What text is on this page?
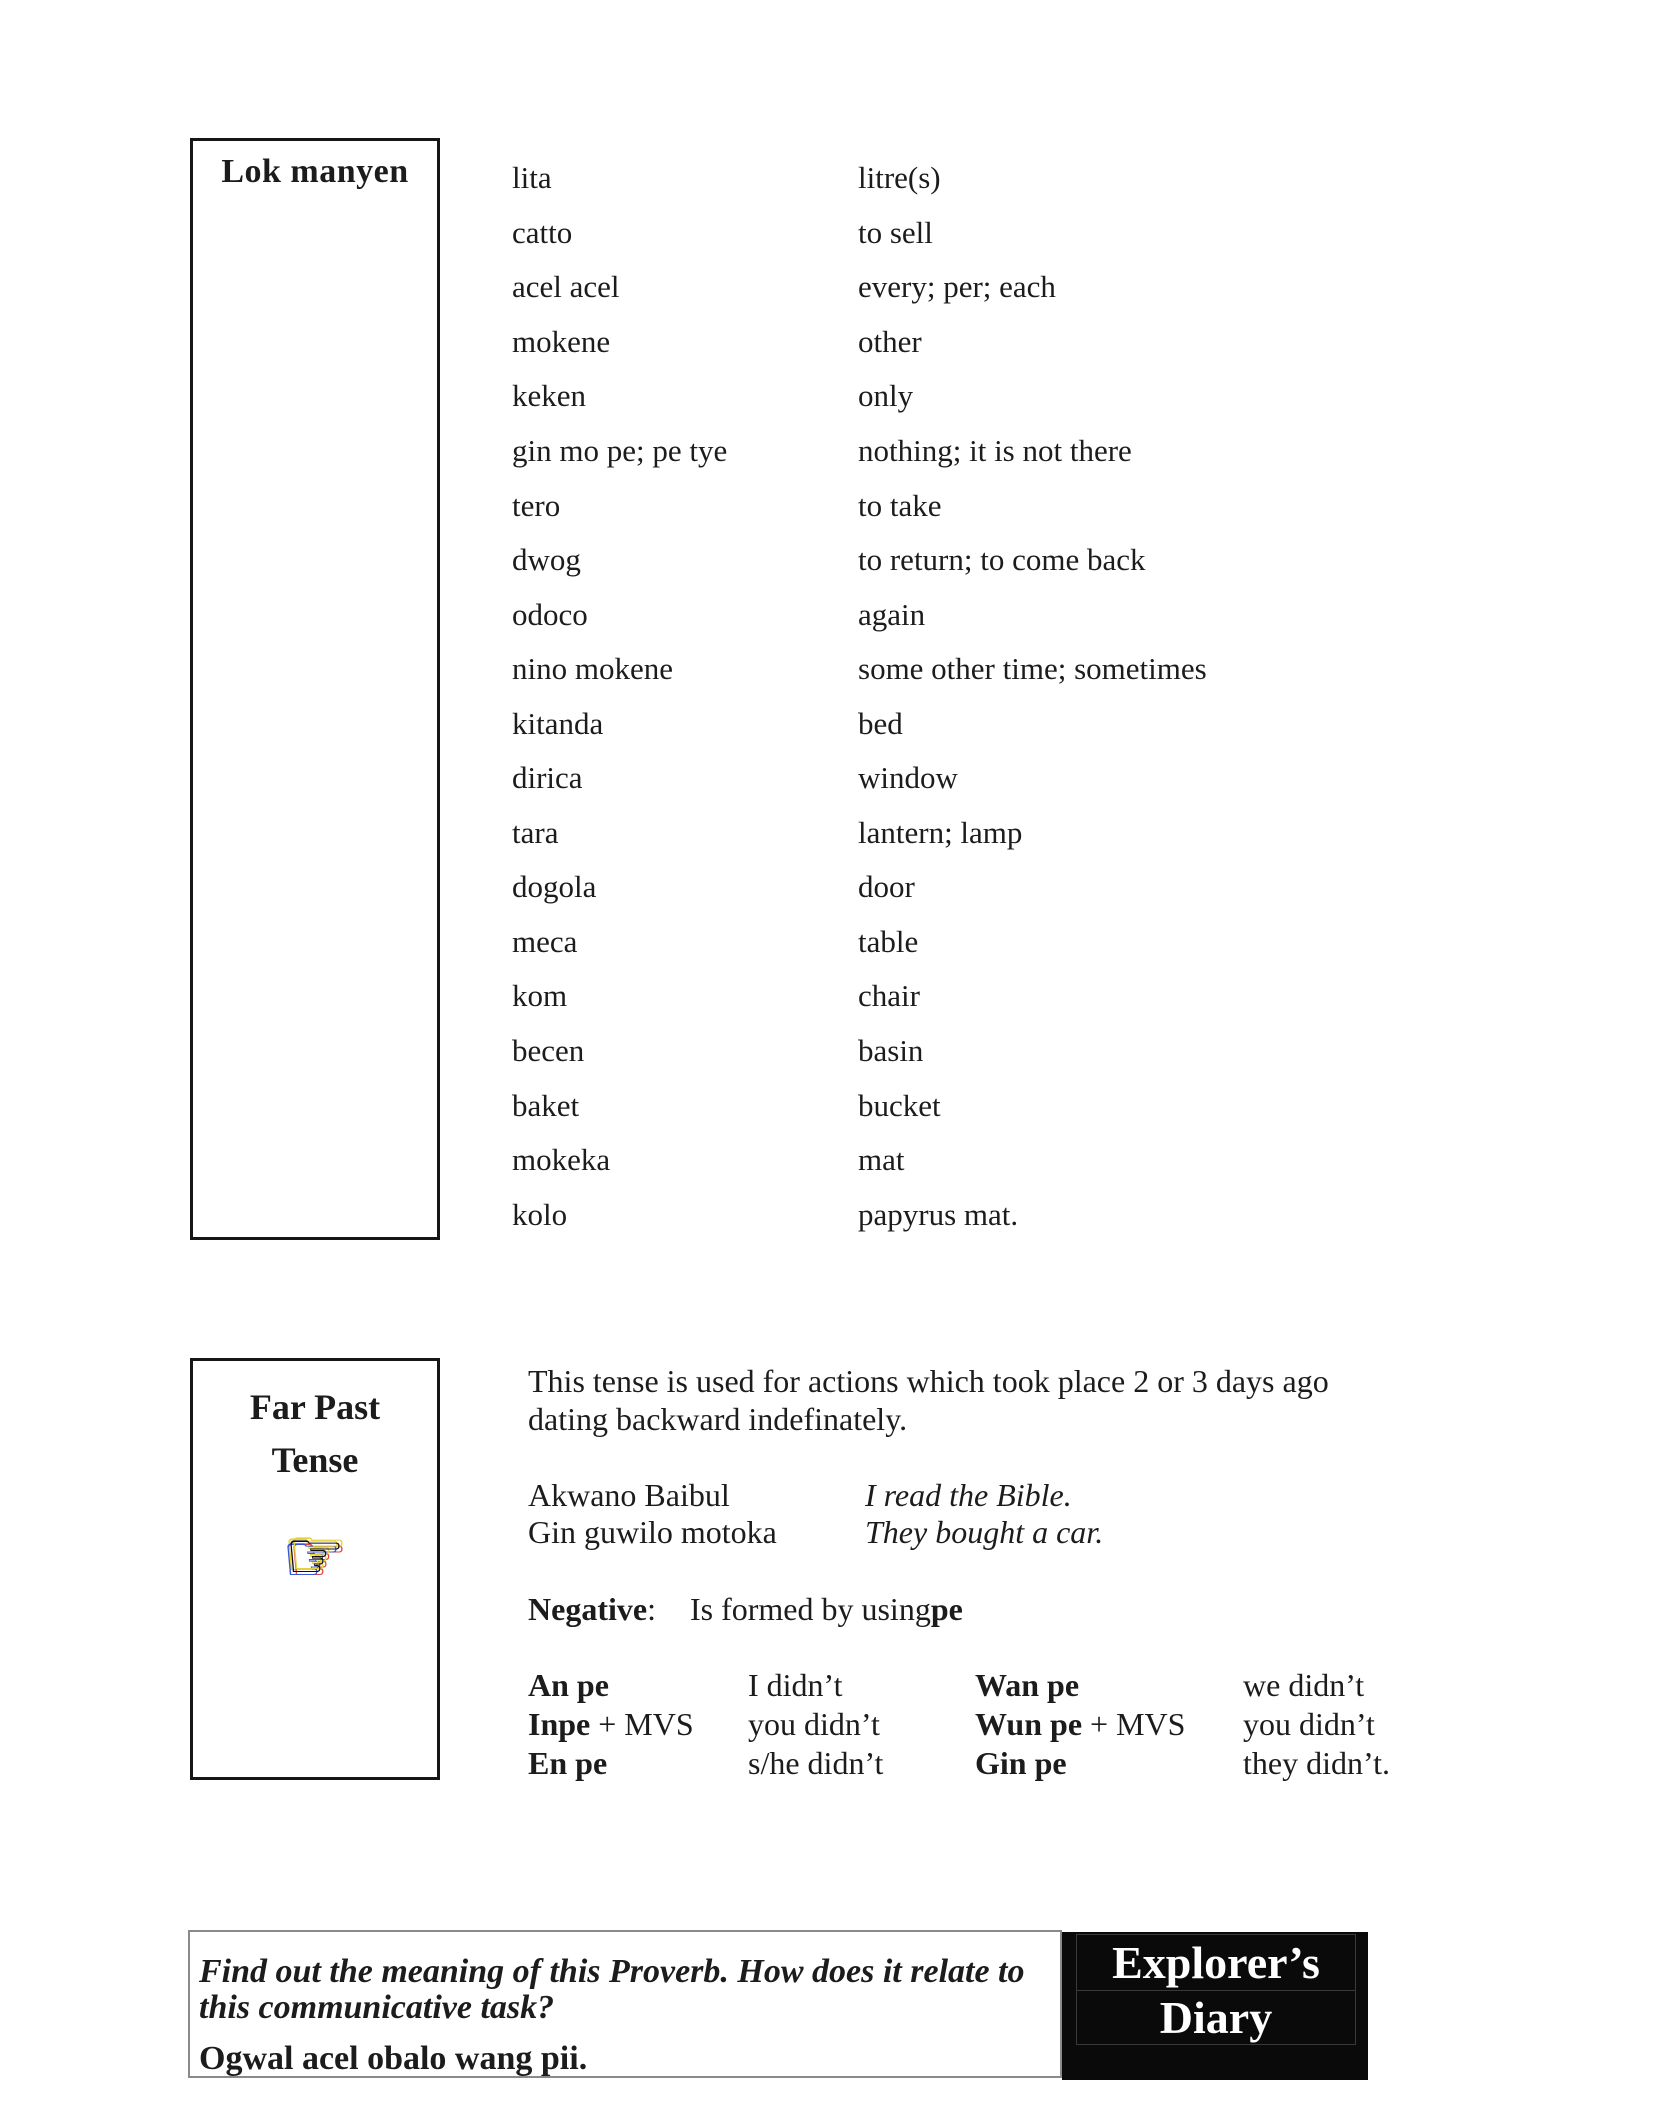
Lok manyen	lita	litre(s)
catto	to sell
acel acel	every; per; each
mokene	other
keken	only
gin mo pe; pe tye	nothing; it is not there
tero	to take
dwog	to return; to come back
odoco	again
nino mokene	some other time; sometimes
kitanda	bed
dirica	window
tara	lantern; lamp
dogola	door
meca	table
kom	chair
becen	basin
baket	bucket
mokeka	mat
kolo	papyrus mat.
Far Past
Tense
☞
This tense is used for actions which took place 2 or 3 days ago
dating backward indefinately.
Akwano Baibul	I read the Bible.
Gin guwilo motoka	They bought a car.
Negative : Is formed by using pe
An pe	I didn’t	Wan pe	we didn’t
Inpe + MVS	you didn’t	Wun pe + MVS	you didn’t
En pe	s/he didn’t	Gin pe	they didn’t.
Find out the meaning of this Proverb. How does it relate to
this communicative task?
Ogwal acel obalo wang pii.
Explorer’s
Diary
